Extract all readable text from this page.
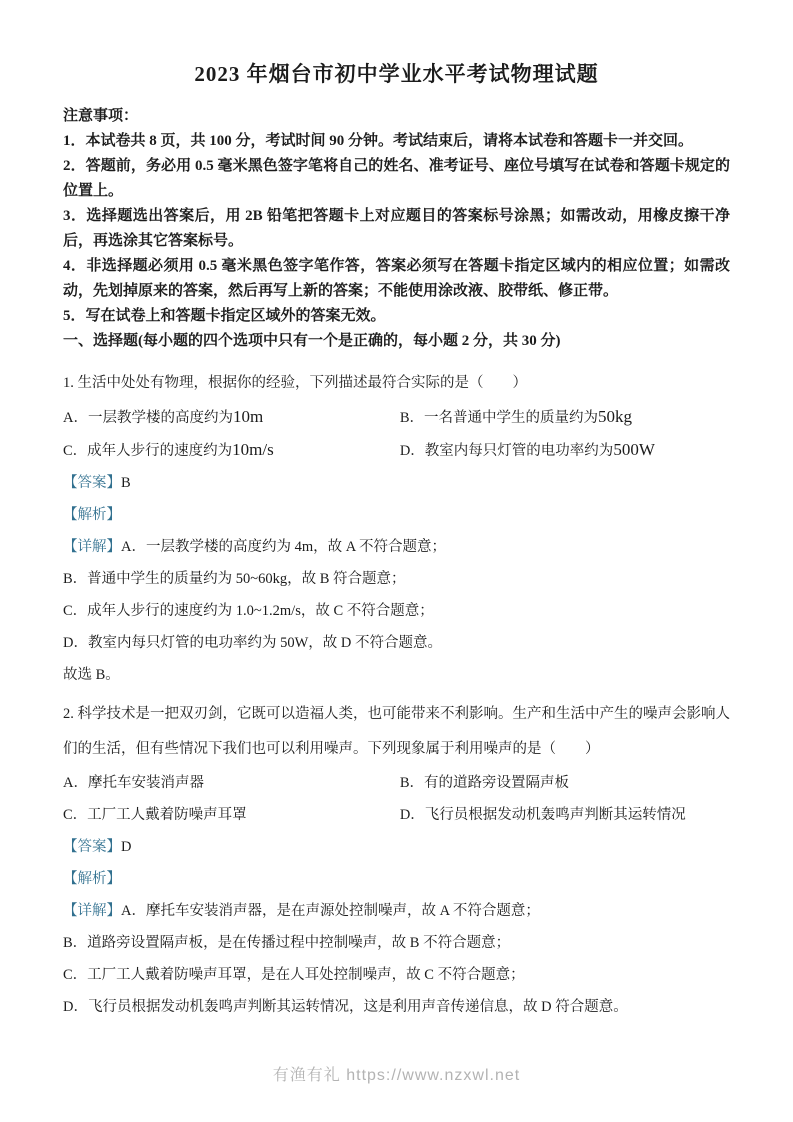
2023 年烟台市初中学业水平考试物理试题

注意事项：

1．本试卷共 8 页，共 100 分，考试时间 90 分钟。考试结束后，请将本试卷和答题卡一并交回。

2．答题前，务必用 0.5 毫米黑色签字笔将自己的姓名、准考证号、座位号填写在试卷和答题卡规定的位置上。

3．选择题选出答案后，用 2B 铅笔把答题卡上对应题目的答案标号涂黑；如需改动，用橡皮擦干净后，再选涂其它答案标号。

4．非选择题必须用 0.5 毫米黑色签字笔作答，答案必须写在答题卡指定区域内的相应位置；如需改动，先划掉原来的答案，然后再写上新的答案；不能使用涂改液、胶带纸、修正带。

5．写在试卷上和答题卡指定区域外的答案无效。

一、选择题(每小题的四个选项中只有一个是正确的，每小题 2 分，共 30 分)

1. 生活中处处有物理，根据你的经验，下列描述最符合实际的是（　　）

A．一层教学楼的高度约为10m	B．一名普通中学生的质量约为50kg
C．成年人步行的速度约为10m/s	D．教室内每只灯管的电功率约为500W

【答案】B

【解析】

【详解】A．一层教学楼的高度约为 4m，故 A 不符合题意；

B．普通中学生的质量约为 50~60kg，故 B 符合题意；

C．成年人步行的速度约为 1.0~1.2m/s，故 C 不符合题意；

D．教室内每只灯管的电功率约为 50W，故 D 不符合题意。

故选 B。

2. 科学技术是一把双刃剑，它既可以造福人类，也可能带来不利影响。生产和生活中产生的噪声会影响人们的生活，但有些情况下我们也可以利用噪声。下列现象属于利用噪声的是（　　）

A．摩托车安装消声器	B．有的道路旁设置隔声板
C．工厂工人戴着防噪声耳罩	D．飞行员根据发动机轰鸣声判断其运转情况

【答案】D

【解析】

【详解】A．摩托车安装消声器，是在声源处控制噪声，故 A 不符合题意；

B．道路旁设置隔声板，是在传播过程中控制噪声，故 B 不符合题意；

C．工厂工人戴着防噪声耳罩，是在人耳处控制噪声，故 C 不符合题意；

D．飞行员根据发动机轰鸣声判断其运转情况，这是利用声音传递信息，故 D 符合题意。

有渔有礼 https://www.nzxwl.net
